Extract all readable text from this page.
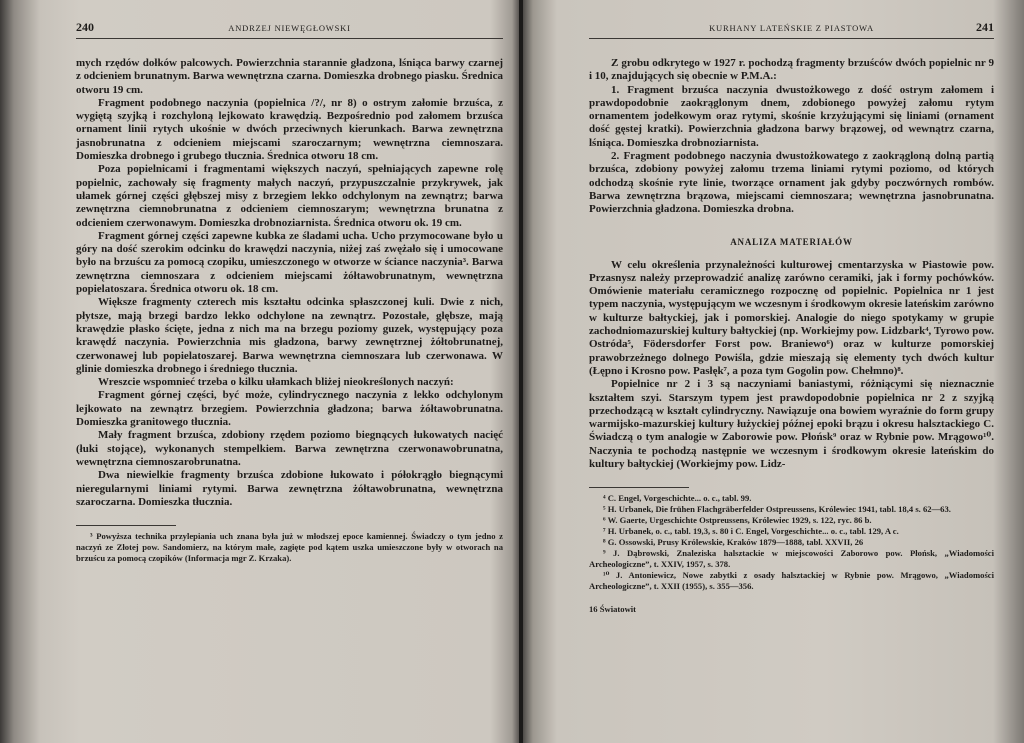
240	ANDRZEJ NIEWĘGŁOWSKI

mych rzędów dołków palcowych. Powierzchnia starannie gładzona, lśniąca barwy czarnej z odcieniem brunatnym. Barwa wewnętrzna czarna. Domieszka drobnego piasku. Średnica otworu 19 cm.

Fragment podobnego naczynia (popielnica /?/, nr 8) o ostrym załomie brzuśca, z wygiętą szyjką i rozchyloną lejkowato krawędzią. Bezpośrednio pod załomem brzuśca ornament linii rytych ukośnie w dwóch przeciwnych kierunkach. Barwa zewnętrzna jasnobrunatna z odcieniem miejscami szaroczarnym; wewnętrzna ciemnoszara. Domieszka drobnego i grubego tłucznia. Średnica otworu 18 cm.

Poza popielnicami i fragmentami większych naczyń, spełniających zapewne rolę popielnic, zachowały się fragmenty małych naczyń, przypuszczalnie przykrywek, jak ułamek górnej części głębszej misy z brzegiem lekko odchylonym na zewnątrz; barwa zewnętrzna ciemnobrunatna z odcieniem ciemnoszarym; wewnętrzna brunatna z odcieniem czerwonawym. Domieszka drobnoziarnista. Średnica otworu ok. 19 cm.

Fragment górnej części zapewne kubka ze śladami ucha. Ucho przymocowane było u góry na dość szerokim odcinku do krawędzi naczynia, niżej zaś zwężało się i umocowane było na brzuścu za pomocą czopiku, umieszczonego w otworze w ściance naczynia³. Barwa zewnętrzna ciemnoszara z odcieniem miejscami żółtawobrunatnym, wewnętrzna popielatoszara. Średnica otworu ok. 18 cm.

Większe fragmenty czterech mis kształtu odcinka spłaszczonej kuli. Dwie z nich, płytsze, mają brzegi bardzo lekko odchylone na zewnątrz. Pozostałe, głębsze, mają krawędzie płasko ścięte, jedna z nich ma na brzegu poziomy guzek, występujący poza krawędź naczynia. Powierzchnia mis gładzona, barwy zewnętrznej żółtobrunatnej, czerwonawej lub popielatoszarej. Barwa wewnętrzna ciemnoszara lub czerwonawa. W glinie domieszka drobnego i średniego tłucznia.

Wreszcie wspomnieć trzeba o kilku ułamkach bliżej nieokreślonych naczyń:

Fragment górnej części, być może, cylindrycznego naczynia z lekko odchylonym lejkowato na zewnątrz brzegiem. Powierzchnia gładzona; barwa żółtawobrunatna. Domieszka granitowego tłucznia.

Mały fragment brzuśca, zdobiony rzędem poziomo biegnących łukowatych nacięć (łuki stojące), wykonanych stempelkiem. Barwa zewnętrzna czerwonawobrunatna, wewnętrzna ciemnoszarobrunatna.

Dwa niewielkie fragmenty brzuśca zdobione łukowato i półokrągło biegnącymi nieregularnymi liniami rytymi. Barwa zewnętrzna żółtawobrunatna, wewnętrzna szaroczarna. Domieszka tłucznia.

³ Powyższa technika przylepiania uch znana była już w młodszej epoce kamiennej. Świadczy o tym jedno z naczyń ze Złotej pow. Sandomierz, na którym małe, zagięte pod kątem uszka umieszczone były w otworach na brzuścu za pomocą czopików (Informacja mgr Z. Krzaka).

KURHANY LATEŃSKIE Z PIASTOWA	241

Z grobu odkrytego w 1927 r. pochodzą fragmenty brzuśców dwóch popielnic nr 9 i 10, znajdujących się obecnie w P.M.A.:

1. Fragment brzuśca naczynia dwustożkowego z dość ostrym załomem i prawdopodobnie zaokrąglonym dnem, zdobionego powyżej załomu rytym ornamentem jodełkowym oraz rytymi, skośnie krzyżującymi się liniami (ornament dość gęstej kratki). Powierzchnia gładzona barwy brązowej, od wewnątrz czarna, lśniąca. Domieszka drobnoziarnista.

2. Fragment podobnego naczynia dwustożkowatego z zaokrągloną dolną partią brzuśca, zdobiony powyżej załomu trzema liniami rytymi poziomo, od których odchodzą skośnie ryte linie, tworzące ornament jak gdyby poczwórnych rombów. Barwa zewnętrzna brązowa, miejscami ciemnoszara; wewnętrzna jasnobrunatna. Powierzchnia gładzona. Domieszka drobna.

ANALIZA MATERIAŁÓW

W celu określenia przynależności kulturowej cmentarzyska w Piastowie pow. Przasnysz należy przeprowadzić analizę zarówno ceramiki, jak i formy pochówków. Omówienie materiału ceramicznego rozpocznę od popielnic. Popielnica nr 1 jest typem naczynia, występującym we wczesnym i środkowym okresie lateńskim zarówno w kulturze bałtyckiej, jak i pomorskiej. Analogie do niego spotykamy w grupie zachodniomazurskiej kultury bałtyckiej (np. Workiejmy pow. Lidzbark⁴, Tyrowo pow. Ostróda⁵, Födersdorfer Forst pow. Braniewo⁶) oraz w kulturze pomorskiej prawobrzeżnego dolnego Powiśla, gdzie mieszają się elementy tych dwóch kultur (Łępno i Krosno pow. Pasłęk⁷, a poza tym Gogolin pow. Chełmno)⁸.

Popielnice nr 2 i 3 są naczyniami baniastymi, różniącymi się nieznacznie kształtem szyi. Starszym typem jest prawdopodobnie popielnica nr 2 z szyjką przechodzącą w kształt cylindryczny. Nawiązuje ona bowiem wyraźnie do form grupy warmijsko-mazurskiej kultury łużyckiej późnej epoki brązu i okresu halsztackiego C. Świadczą o tym analogie w Zaborowie pow. Płońsk⁹ oraz w Rybnie pow. Mrągowo¹⁰. Naczynia te pochodzą następnie we wczesnym i środkowym okresie lateńskim do kultury bałtyckiej (Workiejmy pow. Lidz-

⁴ C. Engel, Vorgeschichte... o. c., tabl. 99.

⁵ H. Urbanek, Die frühen Flachgräberfelder Ostpreussens, Królewiec 1941, tabl. 18,4 s. 62—63.

⁶ W. Gaerte, Urgeschichte Ostpreussens, Królewiec 1929, s. 122, ryc. 86 b.

⁷ H. Urbanek, o. c., tabl. 19,3, s. 80 i C. Engel, Vorgeschichte... o. c., tabl. 129, A c.

⁸ G. Ossowski, Prusy Królewskie, Kraków 1879—1888, tabl. XXVII, 26

⁹ J. Dąbrowski, Znaleziska halsztackie w miejscowości Zaborowo pow. Płońsk, „Wiadomości Archeologiczne”, t. XXIV, 1957, s. 378.

¹⁰ J. Antoniewicz, Nowe zabytki z osady halsztackiej w Rybnie pow. Mrągowo, „Wiadomości Archeologiczne”, t. XXII (1955), s. 355—356.

16 Światowit
